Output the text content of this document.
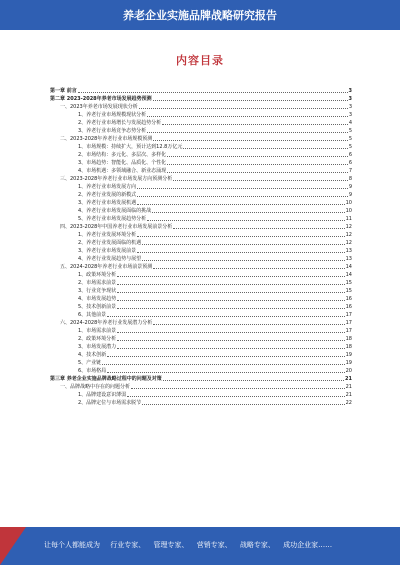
养老企业实施品牌战略研究报告
内容目录
第一章 前言	3
第二章 2023-2028年养老市场发展趋势预测	3
一、2023年养老市场发展现状分析	3
1、养老行业市场规模现状分析	3
2、养老行业市场增长与发展趋势分析	4
3、养老行业市场竞争态势分析	5
二、2023-2028年养老行业市场规模预测	5
1、市场规模：持续扩大，预计达到12.8万亿元	5
2、市场结构：多元化、多层次、多样化	6
3、市场趋势：智能化、品质化、个性化	6
4、市场机遇：多领域融合、新业态涌现	7
三、2023-2028年养老行业市场发展方向预测分析	8
1、养老行业市场发展方向	9
2、养老行业发展的新模式	9
3、养老行业市场发展机遇	10
4、养老行业市场发展面临的挑战	10
5、养老行业市场发展趋势分析	11
四、2023-2028年中国养老行业市场发展前景分析	12
1、养老行业发展环境分析	12
2、养老行业发展面临的机遇	12
3、养老行业市场发展前景	13
4、养老行业发展趋势与展望	13
五、2024-2028年养老行业市场前景预测	14
1、政策环境分析	14
2、市场需求前景	15
3、行业竞争现状	15
4、市场发展趋势	16
5、技术创新前景	16
6、其他前景	17
六、2024-2028年养老行业发展潜力分析	17
1、市场需求前景	17
2、政策环境分析	18
3、市场发展潜力	18
4、技术创新	19
5、产业链	19
6、市场格局	20
第三章 养老企业实施品牌战略过程中的问题及对策	21
一、品牌战略中存在的问题分析	21
1、品牌建设意识薄弱	21
2、品牌定位与市场需求脱节	22
让每个人都能成为 行业专家、 管理专家、 营销专家、 战略专家、 成功企业家……
